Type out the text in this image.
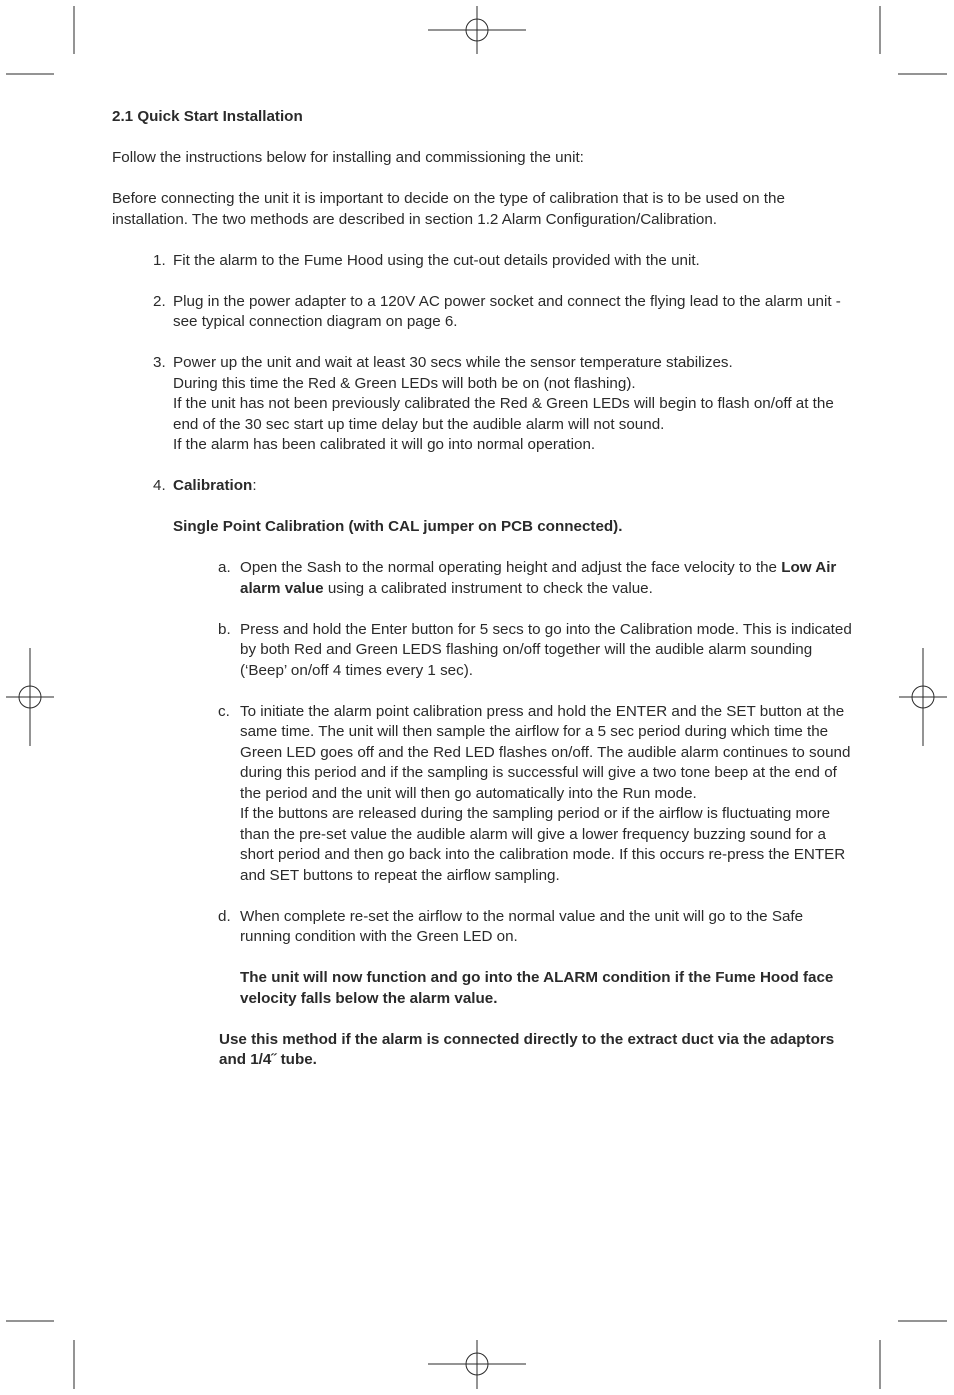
2.1 Quick Start Installation

Follow the instructions below for installing and commissioning the unit:

Before connecting the unit it is important to decide on the type of calibration that is to be used on the installation. The two methods are described in section 1.2 Alarm Configuration/Calibration.

1. Fit the alarm to the Fume Hood using the cut-out details provided with the unit.

2. Plug in the power adapter to a 120V AC power socket and connect the flying lead to the alarm unit - see typical connection diagram on page 6.

3. Power up the unit and wait at least 30 secs while the sensor temperature stabilizes.

During this time the Red & Green LEDs will both be on (not flashing).

If the unit has not been previously calibrated the Red & Green LEDs will begin to flash on/off at the end of the 30 sec start up time delay but the audible alarm will not sound.

If the alarm has been calibrated it will go into normal operation.

4. Calibration:

Single Point Calibration (with CAL jumper on PCB connected).

a. Open the Sash to the normal operating height and adjust the face velocity to the Low Air alarm value using a calibrated instrument to check the value.

b. Press and hold the Enter button for 5 secs to go into the Calibration mode. This is indicated by both Red and Green LEDS flashing on/off together will the audible alarm sounding (‘Beep’ on/off 4 times every 1 sec).

c. To initiate the alarm point calibration press and hold the ENTER and the SET button at the same time. The unit will then sample the airflow for a 5 sec period during which time the Green LED goes off and the Red LED flashes on/off. The audible alarm continues to sound during this period and if the sampling is successful will give a two tone beep at the end of the period and the unit will then go automatically into the Run mode.

If the buttons are released during the sampling period or if the airflow is fluctuating more than the pre-set value the audible alarm will give a lower frequency buzzing sound for a short period and then go back into the calibration mode. If this occurs re-press the ENTER and SET buttons to repeat the airflow sampling.

d. When complete re-set the airflow to the normal value and the unit will go to the Safe running condition with the Green LED on.

The unit will now function and go into the ALARM condition if the Fume Hood face velocity falls below the alarm value.

Use this method if the alarm is connected directly to the extract duct via the adaptors and 1/4˝ tube.
